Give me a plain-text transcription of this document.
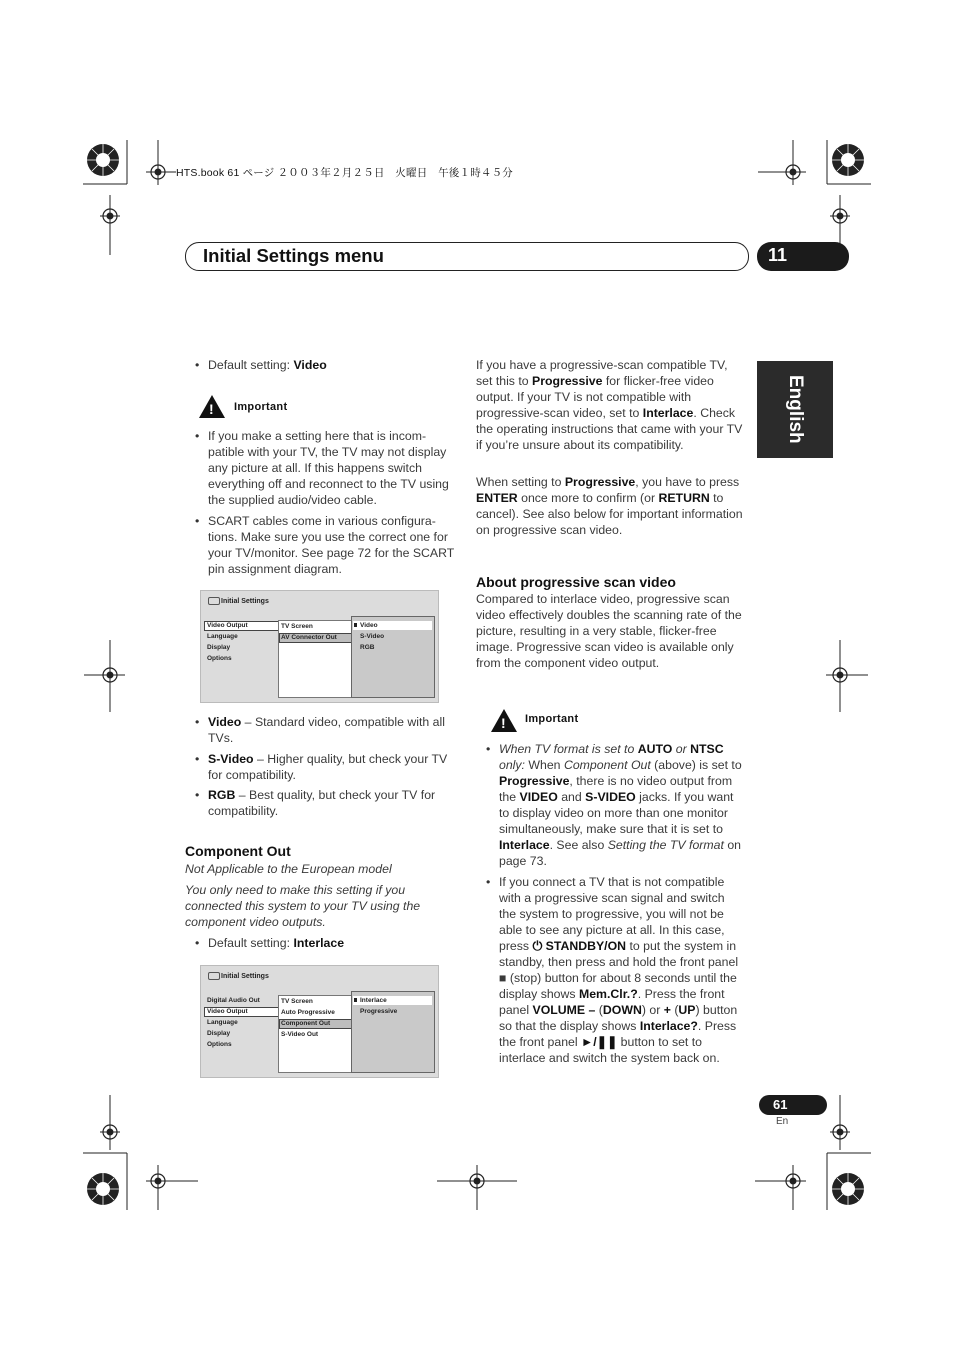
HTS.book 61 ページ ２００３年２月２５日　火曜日　午後１時４５分
Initial Settings menu	11
English
• Default setting: Video
! Important
• If you make a setting here that is incompatible with your TV, the TV may not display any picture at all. If this happens switch everything off and reconnect to the TV using the supplied audio/video cable.
• SCART cables come in various configurations. Make sure you use the correct one for your TV/monitor. See page 72 for the SCART pin assignment diagram.
Initial Settings
Video Output
Language
Display
Options
TV Screen
AV Connector Out
Video
S-Video
RGB
• Video – Standard video, compatible with all TVs.
• S-Video – Higher quality, but check your TV for compatibility.
• RGB – Best quality, but check your TV for compatibility.
Component Out
Not Applicable to the European model
You only need to make this setting if you connected this system to your TV using the component video outputs.
• Default setting: Interlace
Initial Settings
Digital Audio Out
Video Output
Language
Display
Options
TV Screen
Auto Progressive
Component Out
S-Video Out
Interlace
Progressive
If you have a progressive-scan compatible TV, set this to Progressive for flicker-free video output. If your TV is not compatible with progressive-scan video, set to Interlace. Check the operating instructions that came with your TV if you’re unsure about its compatibility.
When setting to Progressive, you have to press ENTER once more to confirm (or RETURN to cancel). See also below for important information on progressive scan video.
About progressive scan video
Compared to interlace video, progressive scan video effectively doubles the scanning rate of the picture, resulting in a very stable, flicker-free image. Progressive scan video is available only from the component video output.
! Important
• When TV format is set to AUTO or NTSC only: When Component Out (above) is set to Progressive, there is no video output from the VIDEO and S-VIDEO jacks. If you want to display video on more than one monitor simultaneously, make sure that it is set to Interlace. See also Setting the TV format on page 73.
• If you connect a TV that is not compatible with a progressive scan signal and switch the system to progressive, you will not be able to see any picture at all. In this case, press ⏻ STANDBY/ON to put the system in standby, then press and hold the front panel ■ (stop) button for about 8 seconds until the display shows Mem.Clr.?. Press the front panel VOLUME – (DOWN) or + (UP) button so that the display shows Interlace?. Press the front panel ►/❚❚ button to set to interlace and switch the system back on.
61
En
